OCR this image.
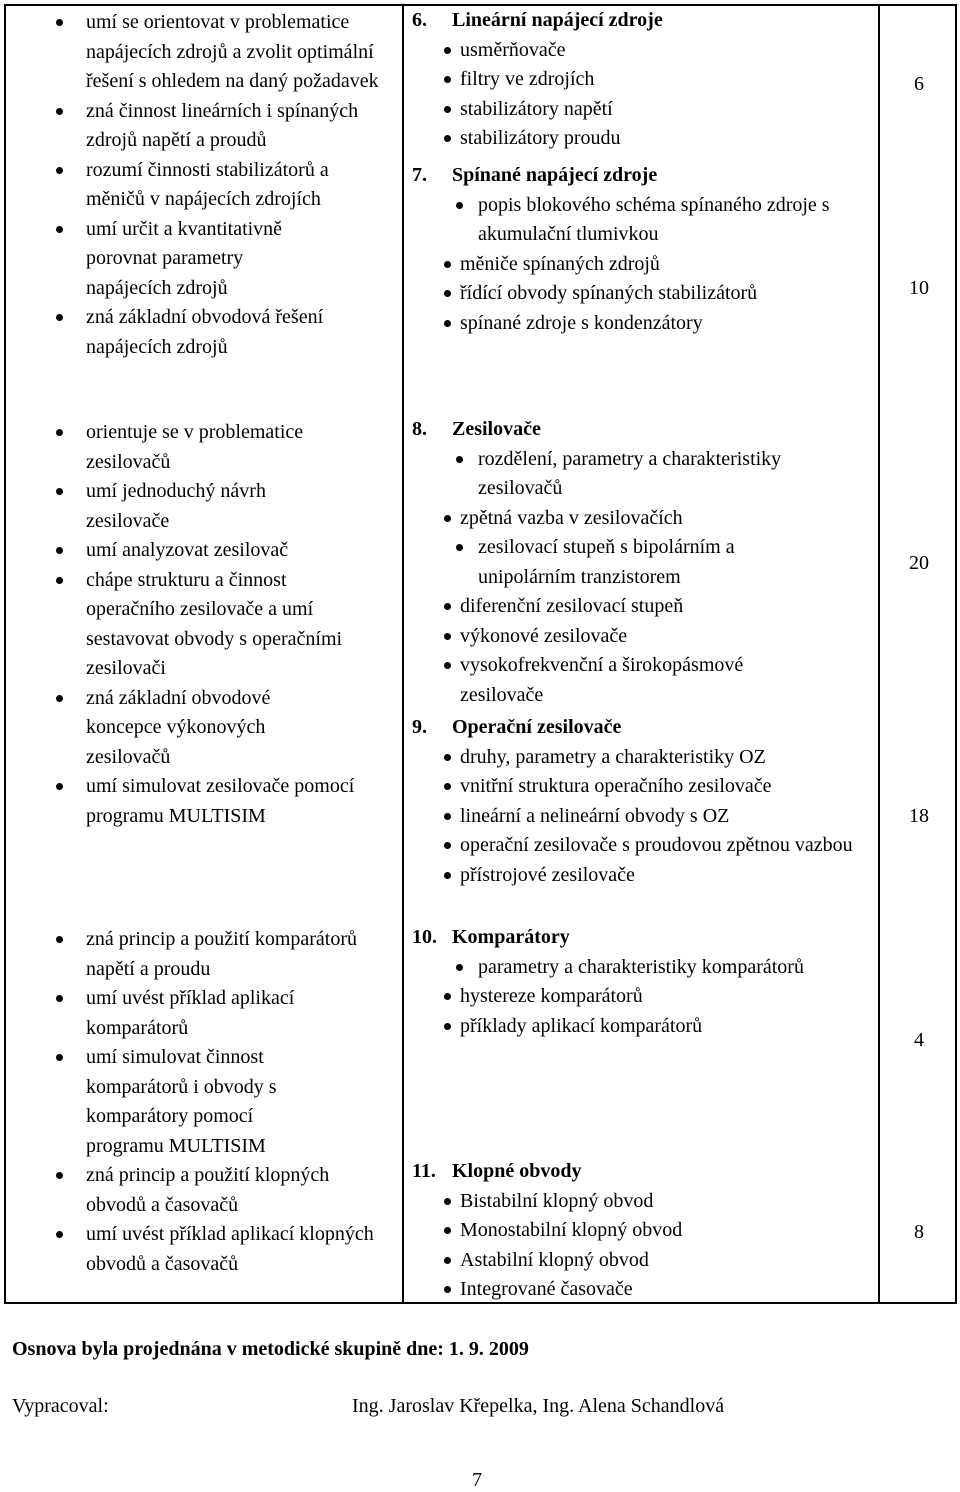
umí se orientovat v problematice napájecích zdrojů a zvolit optimální řešení s ohledem na daný požadavek
zná činnost lineárních i spínaných zdrojů napětí a proudů
rozumí činnosti stabilizátorů a měničů v napájecích zdrojích
umí určit a kvantitativně porovnat parametry napájecích zdrojů
zná základní obvodová řešení napájecích zdrojů
orientuje se v problematice zesilovačů
umí jednoduchý návrh zesilovače
umí analyzovat zesilovač
chápe strukturu a činnost operačního zesilovače a umí sestavovat obvody s operačními zesilovači
zná základní obvodové koncepce výkonových zesilovačů
umí simulovat zesilovače pomocí programu MULTISIM
zná princip a použití komparátorů napětí a proudu
umí uvést příklad aplikací komparátorů
umí simulovat činnost komparátorů i obvody s komparátory pomocí programu MULTISIM
zná princip a použití klopných obvodů a časovačů
umí uvést příklad aplikací klopných obvodů a časovačů
6. Lineární napájecí zdroje
usměrňovače
filtry ve zdrojích
stabilizátory napětí
stabilizátory proudu
7. Spínané napájecí zdroje
popis blokového schéma spínaného zdroje s akumulační tlumivkou
měniče spínaných zdrojů
řídící obvody spínaných stabilizátorů
spínané zdroje s kondenzátory
8. Zesilovače
rozdělení, parametry a charakteristiky zesilovačů
zpětná vazba v zesilovačích
zesilovací stupeň s bipolárním a unipolárním tranzistorem
diferenční zesilovací stupeň
výkonové zesilovače
vysokofrekvenční a širokopásmové zesilovače
9. Operační zesilovače
druhy, parametry a charakteristiky OZ
vnitřní struktura operačního zesilovače
lineární a nelineární obvody s OZ
operační zesilovače s proudovou zpětnou vazbou
přístrojové zesilovače
10. Komparátory
parametry a charakteristiky komparátorů
hystereze komparátorů
příklady aplikací komparátorů
11. Klopné obvody
Bistabilní klopný obvod
Monostabilní klopný obvod
Astabilní klopný obvod
Integrované časovače
6
10
20
18
4
8
Osnova byla projednána v metodické skupině dne: 1. 9. 2009
Vypracoval:	Ing. Jaroslav Křepelka, Ing. Alena Schandlová
7
